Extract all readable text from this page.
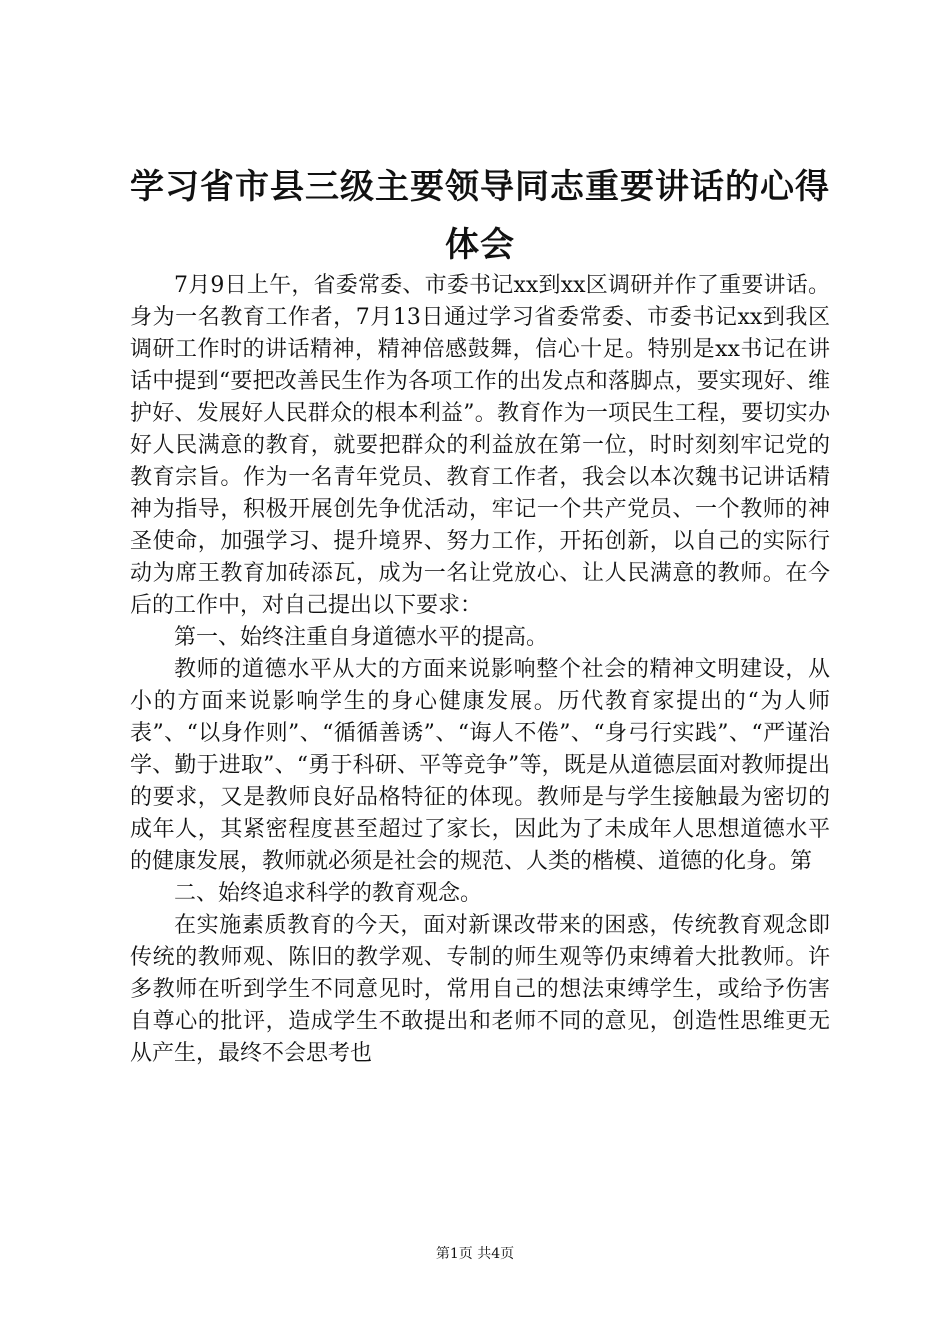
学习省市县三级主要领导同志重要讲话的心得体会

7月9日上午，省委常委、市委书记xx到xx区调研并作了重要讲话。身为一名教育工作者，7月13日通过学习省委常委、市委书记xx到我区调研工作时的讲话精神，精神倍感鼓舞，信心十足。特别是xx书记在讲话中提到“要把改善民生作为各项工作的出发点和落脚点，要实现好、维护好、发展好人民群众的根本利益”。教育作为一项民生工程，要切实办好人民满意的教育，就要把群众的利益放在第一位，时时刻刻牢记党的教育宗旨。作为一名青年党员、教育工作者，我会以本次魏书记讲话精神为指导，积极开展创先争优活动，牢记一个共产党员、一个教师的神圣使命，加强学习、提升境界、努力工作，开拓创新，以自己的实际行动为席王教育加砖添瓦，成为一名让党放心、让人民满意的教师。在今后的工作中，对自己提出以下要求：

第一、始终注重自身道德水平的提高。

教师的道德水平从大的方面来说影响整个社会的精神文明建设，从小的方面来说影响学生的身心健康发展。历代教育家提出的“为人师表”、“以身作则”、“循循善诱”、“诲人不倦”、“身弓行实践”、“严谨治学、勤于进取”、“勇于科研、平等竞争”等，既是从道德层面对教师提出的要求，又是教师良好品格特征的体现。教师是与学生接触最为密切的成年人，其紧密程度甚至超过了家长，因此为了未成年人思想道德水平的健康发展，教师就必须是社会的规范、人类的楷模、道德的化身。第

二、始终追求科学的教育观念。

在实施素质教育的今天，面对新课改带来的困惑，传统教育观念即传统的教师观、陈旧的教学观、专制的师生观等仍束缚着大批教师。许多教师在听到学生不同意见时，常用自己的想法束缚学生，或给予伤害自尊心的批评，造成学生不敢提出和老师不同的意见，创造性思维更无从产生，最终不会思考也

第1页 共4页
